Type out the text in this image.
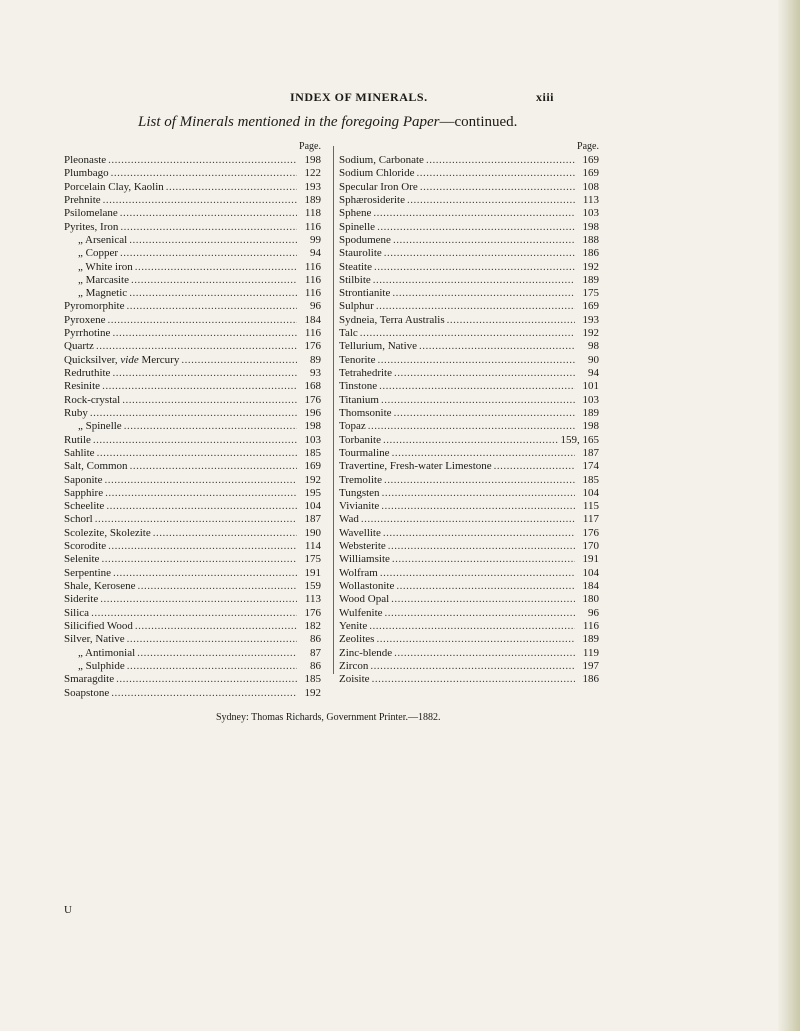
INDEX OF MINERALS.	xiii
List of Minerals mentioned in the foregoing Paper—continued.
Page.
Pleonaste .....	198
Plumbago .....	122
Porcelain Clay, Kaolin .....	193
Prehnite .....	189
Psilomelane .....	118
Pyrites, Iron .....	116
„ Arsenical .....	99
„ Copper .....	94
„ White iron .....	116
„ Marcasite .....	116
„ Magnetic .....	116
Pyromorphite .....	96
Pyroxene .....	184
Pyrrhotine .....	116
Quartz .....	176
Quicksilver, vide Mercury .....	89
Redruthite .....	93
Resinite .....	168
Rock-crystal .....	176
Ruby .....	196
„ Spinelle .....	198
Rutile .....	103
Sahlite .....	185
Salt, Common .....	169
Saponite .....	192
Sapphire .....	195
Scheelite .....	104
Schorl .....	187
Scolezite, Skolezite .....	190
Scorodite .....	114
Selenite .....	175
Serpentine .....	191
Shale, Kerosene .....	159
Siderite .....	113
Silica .....	176
Silicified Wood .....	182
Silver, Native .....	86
„ Antimonial .....	87
„ Sulphide .....	86
Smaragdite .....	185
Soapstone .....	192
Page.
Sodium, Carbonate .....	169
Sodium Chloride .....	169
Specular Iron Ore .....	108
Sphærosiderite .....	113
Sphene .....	103
Spinelle .....	198
Spodumene .....	188
Staurolite .....	186
Steatite .....	192
Stilbite .....	189
Strontianite .....	175
Sulphur .....	169
Sydneia, Terra Australis .....	193
Talc .....	192
Tellurium, Native .....	98
Tenorite .....	90
Tetrahedrite .....	94
Tinstone .....	101
Titanium .....	103
Thomsonite .....	189
Topaz .....	198
Torbanite .....	159, 165
Tourmaline .....	187
Travertine, Fresh-water Limestone .....	174
Tremolite .....	185
Tungsten .....	104
Vivianite .....	115
Wad .....	117
Wavellite .....	176
Websterite .....	170
Williamsite .....	191
Wolfram .....	104
Wollastonite .....	184
Wood Opal .....	180
Wulfenite .....	96
Yenite .....	116
Zeolites .....	189
Zinc-blende .....	119
Zircon .....	197
Zoisite .....	186
Sydney: Thomas Richards, Government Printer.—1882.
U
